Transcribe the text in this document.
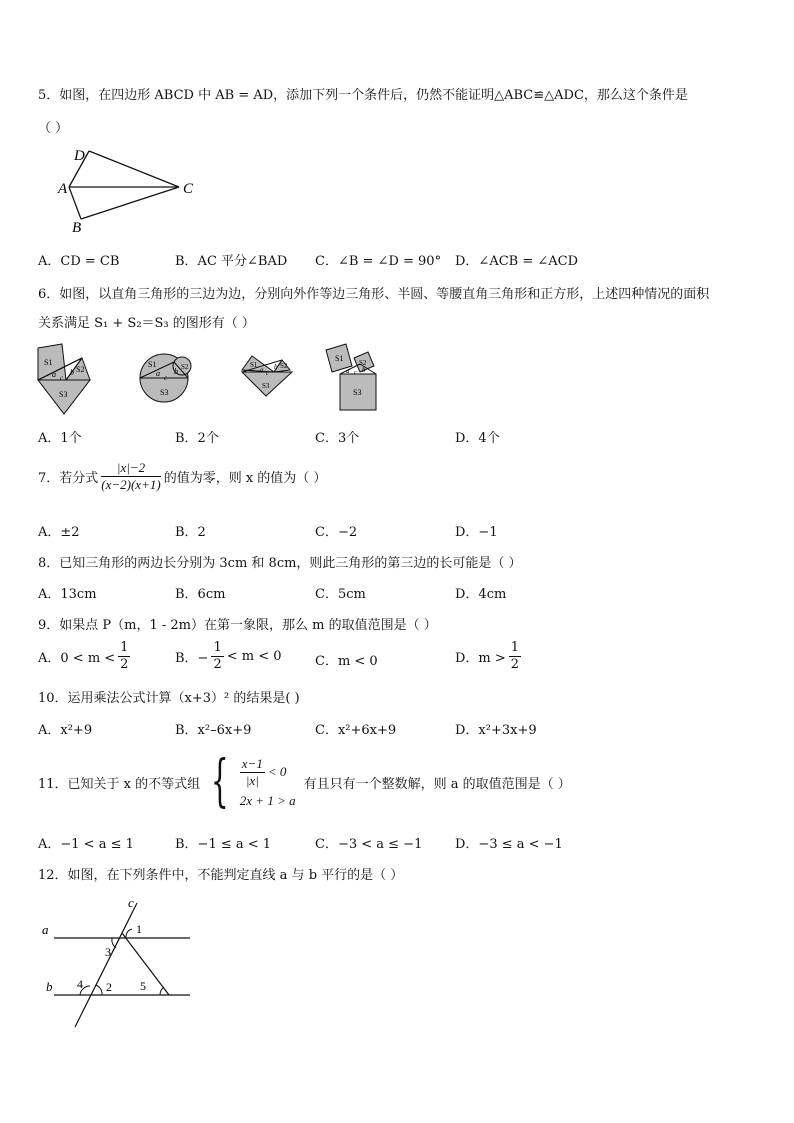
5．如图，在四边形 ABCD 中 AB = AD，添加下列一个条件后，仍然不能证明△ABC≌△ADC，那么这个条件是
（ ）
D
A	C
B
A．CD = CB	B．AC 平分∠BAD C．∠B = ∠D = 90° D．∠ACB = ∠ACD
6．如图，以直角三角形的三边为边，分别向外作等边三角形、半圆、等腰直角三角形和正方形，上述四种情况的面积
关系满足 S₁ + S₂＝S₃ 的图形有（ ）
S1
S2
S3
a c
b
S1	S2
S3
a c
b
S1	S2
S3
a c
b
S1 S2
S3
a c b
A．1个	B．2个	C．3个	D．4个
7．若分式 $\frac{|x|-2}{(x-2)(x+1)}$ 的值为零，则 x 的值为（ ）
A．±2	B．2	C．−2	D．−1
8．已知三角形的两边长分别为 3cm 和 8cm，则此三角形的第三边的长可能是（ ）
A．13cm	B．6cm	C．5cm	D．4cm
9．如果点 P（m，1 - 2m）在第一象限，那么 m 的取值范围是（ ）
A．$0 < m < \frac{1}{2}$	B．− $\frac{1}{2} < m < 0$	C．m < 0	D．$m > \frac{1}{2}$
10．运用乘法公式计算（x+3）² 的结果是( )
A．x²+9	B．x²–6x+9	C．x²+6x+9	D．x²+3x+9
11．已知关于 x 的不等式组 { $\frac{x-1}{|x|} < 0$
2x + 1 > a
有且只有一个整数解，则 a 的取值范围是（ ）
A．−1 < a ≤ 1	B．−1 ≤ a < 1	C．−3 < a ≤ −1	D．−3 ≤ a < −1
12．如图，在下列条件中，不能判定直线 a 与 b 平行的是（ ）
a
b
c
1
3
4 2 5
